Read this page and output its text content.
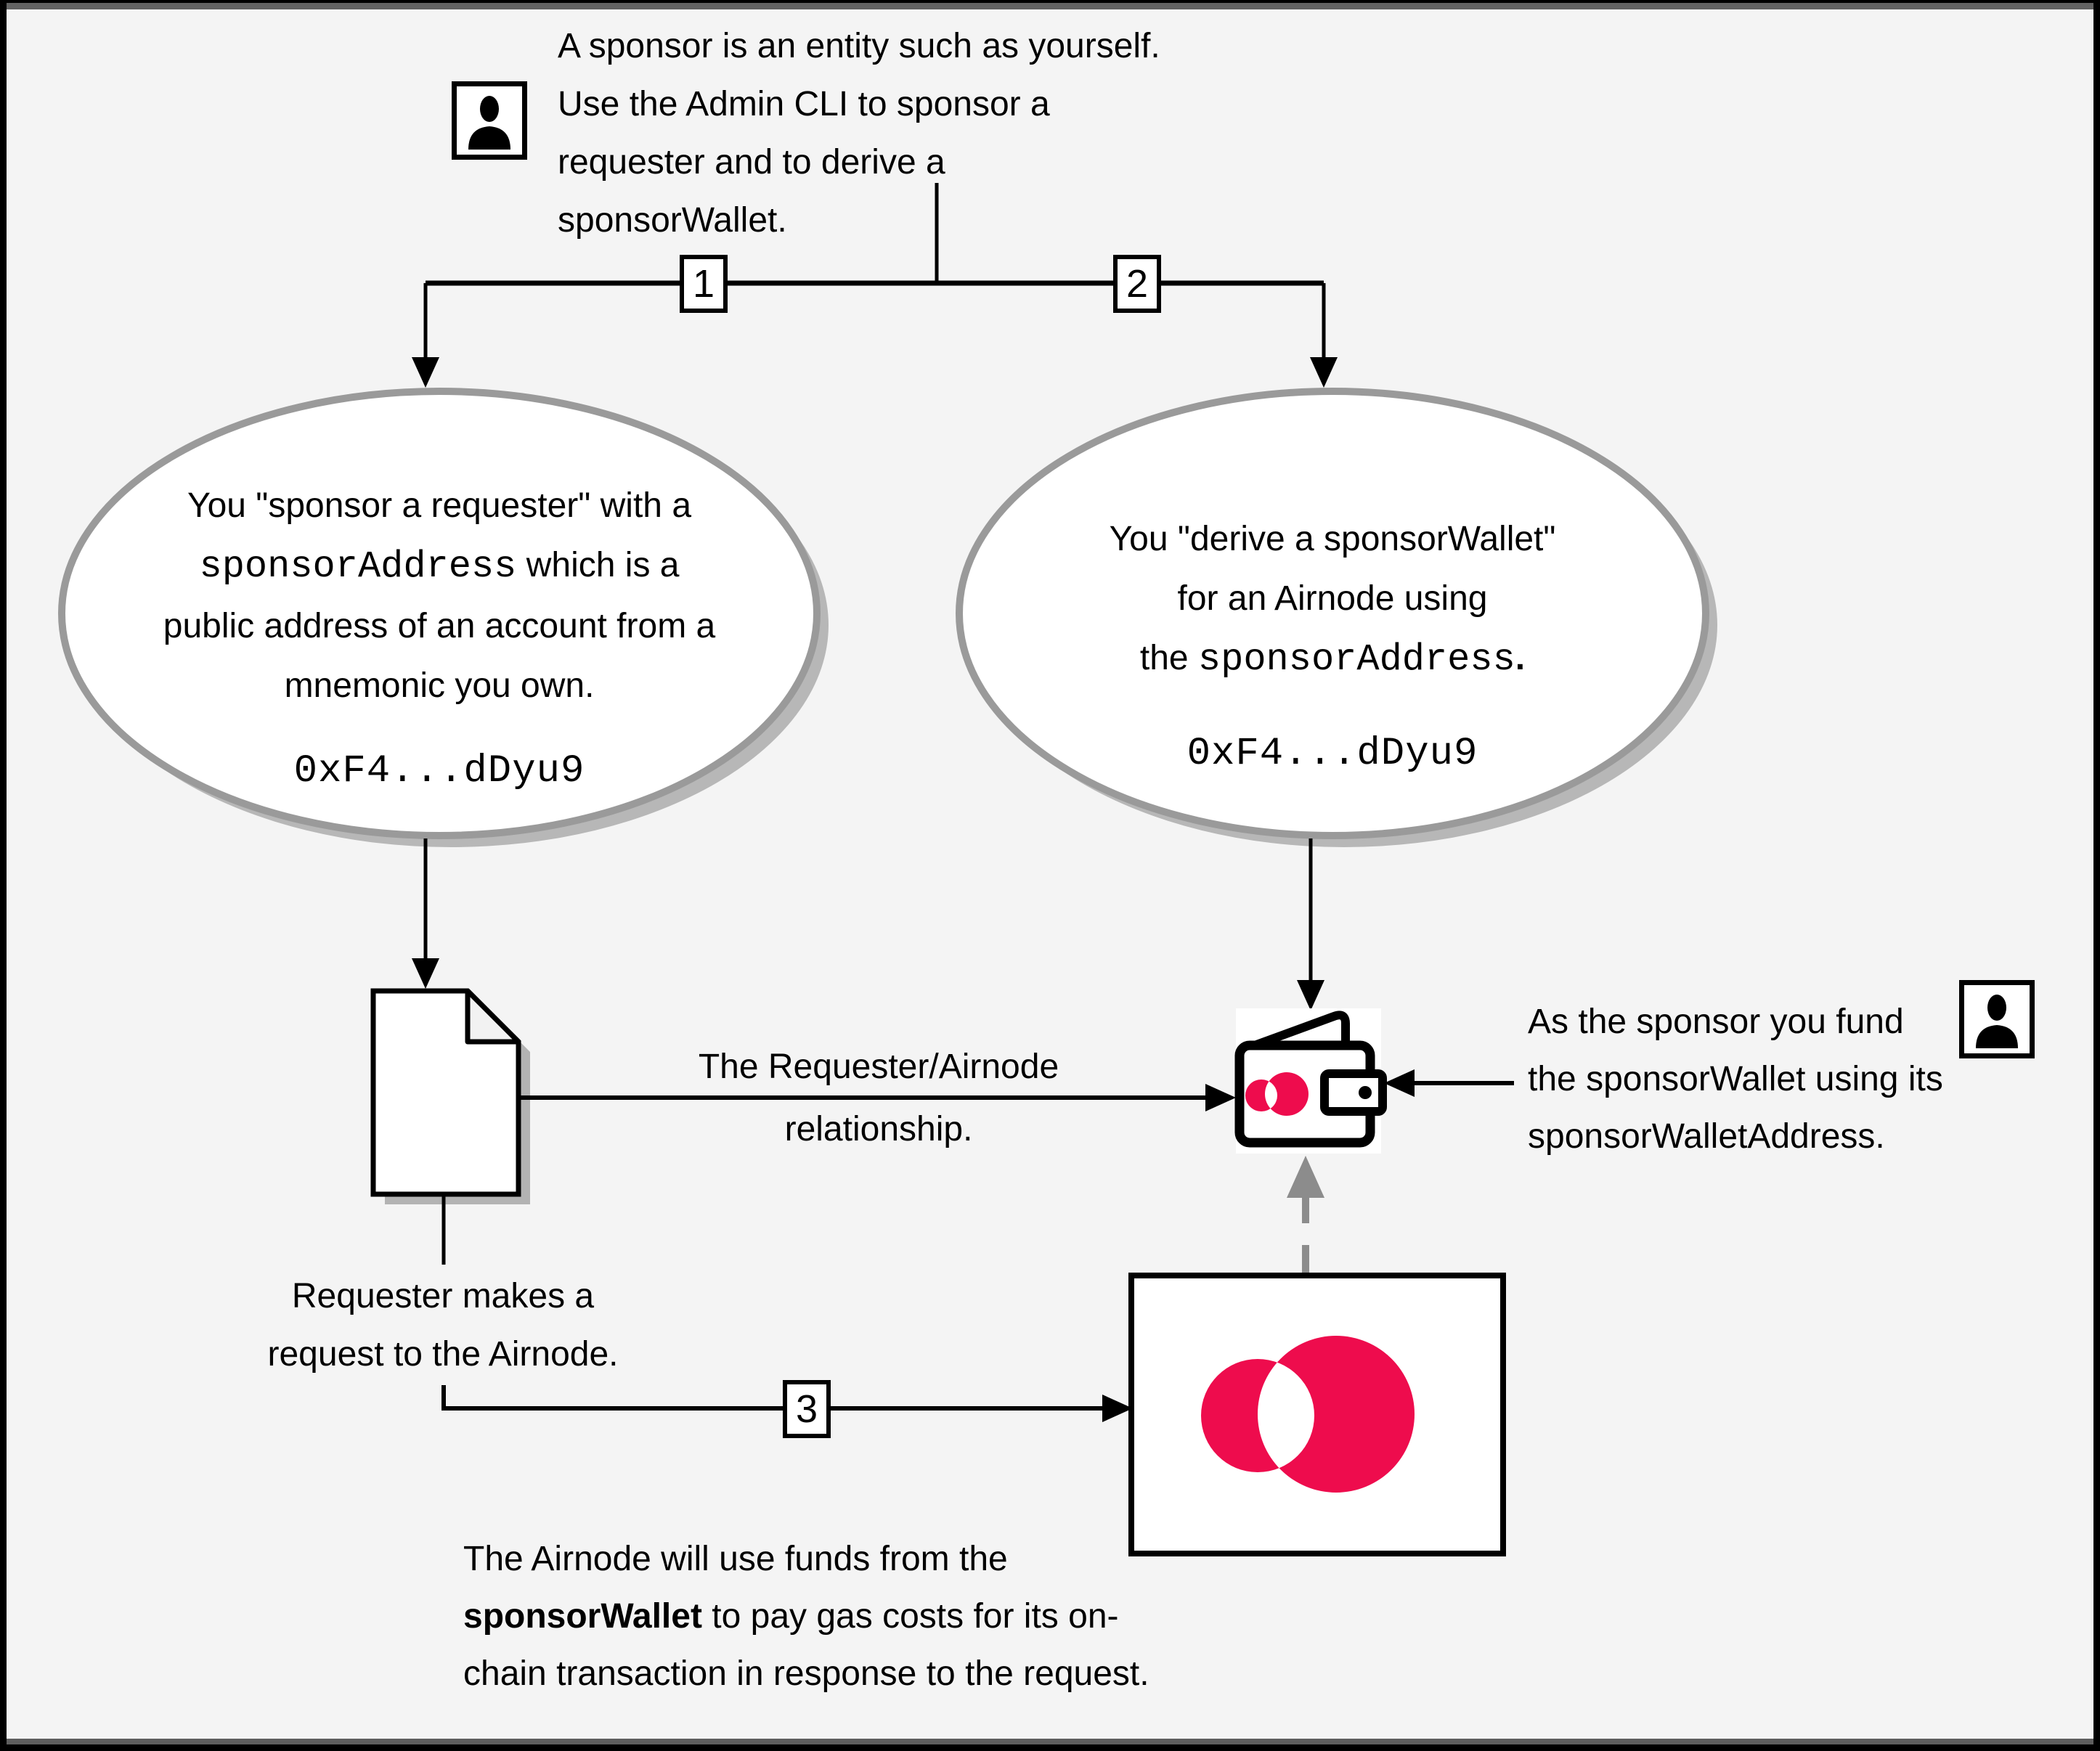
A sponsor is an entity such as yourself.
Use the Admin CLI to sponsor a
requester and to derive a
sponsorWallet.
1	2
3
You "sponsor a requester" with a
sponsorAddress which is a
public address of an account from a
mnemonic you own.
0xF4...dDyu9
You "derive a sponsorWallet"
for an Airnode using
the sponsorAddress.
0xF4...dDyu9
The Requester/Airnode
relationship.
Requester makes a
request to the Airnode.
As the sponsor you fund
the sponsorWallet using its
sponsorWalletAddress.
The Airnode will use funds from the
sponsorWallet to pay gas costs for its on-
chain transaction in response to the request.
